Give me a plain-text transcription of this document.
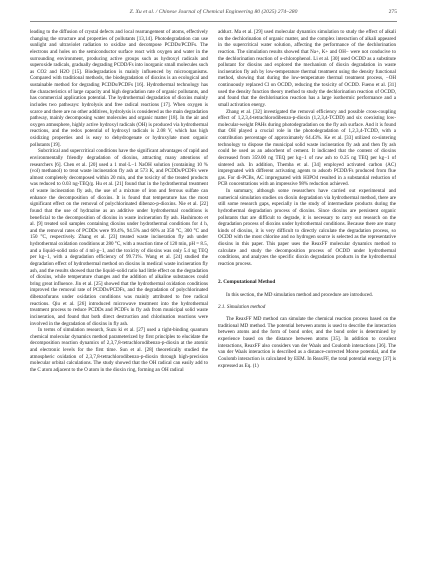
Z. Xu et al. / Chinese Journal of Chemical Engineering 80 (2025) 274–280	275

leading to the diffusion of crystal defects and local rearrangement of atoms, effectively changing the structure and properties of pollutants [13,14]. Photodegradation can use sunlight and ultraviolet radiation to oxidize and decompose PCDDs/PCDFs. The electrons and holes on the semiconductor surface react with oxygen and water in the surrounding environment, producing active groups such as hydroxyl radicals and superoxide radicals, gradually degrading PCDD/Fs into inorganic small molecules such as CO2 and H2O [15]. Biodegradation is mainly influenced by microorganisms. Compared with traditional methods, the biodegradation of dioxins is an ecological and sustainable method for degrading PCDDs/PCDFs [16]. Hydrothermal technology has the characteristics of large capacity and high degradation rate of organic pollutants, and has commercial application potential. The hydrothermal degradation of dioxins mainly includes two pathways: hydrolysis and free radical reactions [17]. When oxygen is scarce and there are no other additives, hydrolysis is considered as the main degradation pathway, mainly decomposing water molecules and organic matter [18]. In the air and oxygen atmosphere, highly active hydroxyl radicals (OH) is produced via hydrothermal reactions, and the redox potential of hydroxyl radicals is 2.08 V, which has high oxidizing properties and is easy to dehydrogenate or hydroxylate most organic pollutants [19].

Subcritical and supercritical conditions have the significant advantages of rapid and environmentally friendly degradation of dioxins, attracting many attentions of researchers [6]. Chen et al. [20] used a 1 mol·L−1 NaOH solution (containing 10 %(vol) methanol) to treat waste incineration fly ash at 573 K, and PCDDs/PCDFs were almost completely decomposed within 20 min, and the toxicity of the treated products was reduced to 0.03 ng-TEQ/g. Hu et al. [21] found that in the hydrothermal treatment of waste incineration fly ash, the use of a mixture of iron and ferrous sulfate can enhance the decomposition of dioxins. It is found that temperature has the most significant effect on the removal of polychlorinated dibenzo-p-dioxins. Nie et al. [22] found that the use of hydrazine as an additive under hydrothermal conditions is beneficial to the decomposition of dioxins in waste incineration fly ash. Hashimoto et al. [9] treated soil samples containing dioxins under hydrothermal conditions for 4 h, and the removal rates of PCDDs were 99.4%, 94.5% and 60% at 350 °C, 300 °C and 150 °C, respectively. Zhang et al. [23] treated waste incineration fly ash under hydrothermal oxidation conditions at 280 °C, with a reaction time of 120 min, pH = 8.5, and a liquid–solid ratio of 4 ml·g−1, and the toxicity of dioxins was only 5.4 ng TEQ per kg−1, with a degradation efficiency of 99.71%. Wang et al. [24] studied the degradation effect of hydrothermal method on dioxins in medical waste incineration fly ash, and the results showed that the liquid–solid ratio had little effect on the degradation of dioxins, while temperature changes and the addition of alkaline substances could bring great influence. Jin et al. [25] showed that the hydrothermal oxidation conditions improved the removal rate of PCDDs/PCDFs, and the degradation of polychlorinated dibenzofurans under oxidation conditions was mainly attributed to free radical reactions. Qiu et al. [26] introduced microwave treatment into the hydrothermal treatment process to reduce PCDDs and PCDFs in fly ash from municipal solid waste incineration, and found that both direct destruction and chlorination reactions were involved in the degradation of dioxins in fly ash.

In terms of simulation research, Suzu ki et al. [27] used a tight-binding quantum chemical molecular dynamics method parameterized by first principles to elucidate the decomposition reaction dynamics of 2,3,7,8-tetrachlorodibenzo-p-dioxin at the atomic and electronic levels for the first time. Sun et al. [28] theoretically studied the atmospheric oxidation of 2,3,7,8-tetrachlorodibenzo-p-dioxin through high-precision molecular orbital calculations. The study showed that the OH radical can easily add to the C atom adjacent to the O atom in the dioxin ring, forming an OH radical

adduct. Ma et al. [29] used molecular dynamics simulation to study the effect of alkali on the dechlorination of organic matter, and the complex interaction of alkali appeared in the supercritical water solution, affecting the performance of the dechlorination reaction. The simulation results showed that Na+, K+ and OH− were not conducive to the dechlorination reaction of o-chlorophenol. Li et al. [30] used OCDD as a substitute pollutant for dioxins and explored the mechanism of dioxin degradation in waste incineration fly ash by low-temperature thermal treatment using the density functional method, showing that during the low-temperature thermal treatment process, −OH continuously replaced Cl on OCDD, reducing the toxicity of OCDD. Fueno et al. [31] used the density function theory method to study the dechlorination reaction of OCDD, and found that the dechlorination reaction has a large isothermic performance and a small activation energy.

Zhang et al. [32] investigated the removal efficiency and possible cross-coupling effect of 1,2,3,4-tetrachlorodibenzo-p-dioxin (1,2,3,4-TCDD) and six coexisting low-molecular-weight PAHs during photodegradation on the fly ash surface. And it is found that OH played a crucial role in the photodegradation of 1,2,3,4-TCDD, with a contribution percentage of approximately 64.43%. Ke et al. [33] utilized co-sintering technology to dispose the municipal solid waste incineration fly ash and then fly ash could be used as an adsorbent of cement. It indicated that the content of dioxins decreased from 359.00 ng TEQ per kg−1 of raw ash to 0.25 ng TEQ per kg−1 of sintered ash. In addition, Themba et al. [34] employed activated carbon (AC) impregnated with different activating agents to adsorb PCDD/Fs produced from flue gas. For di-PCBs, AC impregnated with H3PO4 resulted in a substantial reduction of PCB concentrations with an impressive 98% reduction achieved.

In summary, although some researchers have carried out experimental and numerical simulation studies on dioxin degradation via hydrothermal method, there are still some research gaps, especially in the study of intermediate products during the hydrothermal degradation process of dioxins. Since dioxins are persistent organic pollutants that are difficult to degrade, it is necessary to carry out research on the degradation process of dioxins under hydrothermal conditions. Because there are many kinds of dioxins, it is very difficult to directly calculate the degradation process, so OCDD with the most chlorine and no hydrogen source is selected as the representative dioxins in this paper. This paper uses the ReaxFF molecular dynamics method to calculate and study the decomposition process of OCDD under hydrothermal conditions, and analyzes the specific dioxin degradation products in the hydrothermal reaction process.

2. Computational Method

In this section, the MD simulation method and procedure are introduced.

2.1. Simulation method

The ReaxFF MD method can simulate the chemical reaction process based on the traditional MD method. The potential between atoms is used to describe the interaction between atoms and the form of bond order, and the bond order is determined by experience based on the distance between atoms [35]. In addition to covalent interactions, ReaxFF also considers van der Waals and Coulomb interactions [36]. The van der Waals interaction is described as a distance-corrected Morse potential, and the Coulomb interaction is calculated by EEM. In ReaxFF, the total potential energy [37] is expressed as Eq. (1)
